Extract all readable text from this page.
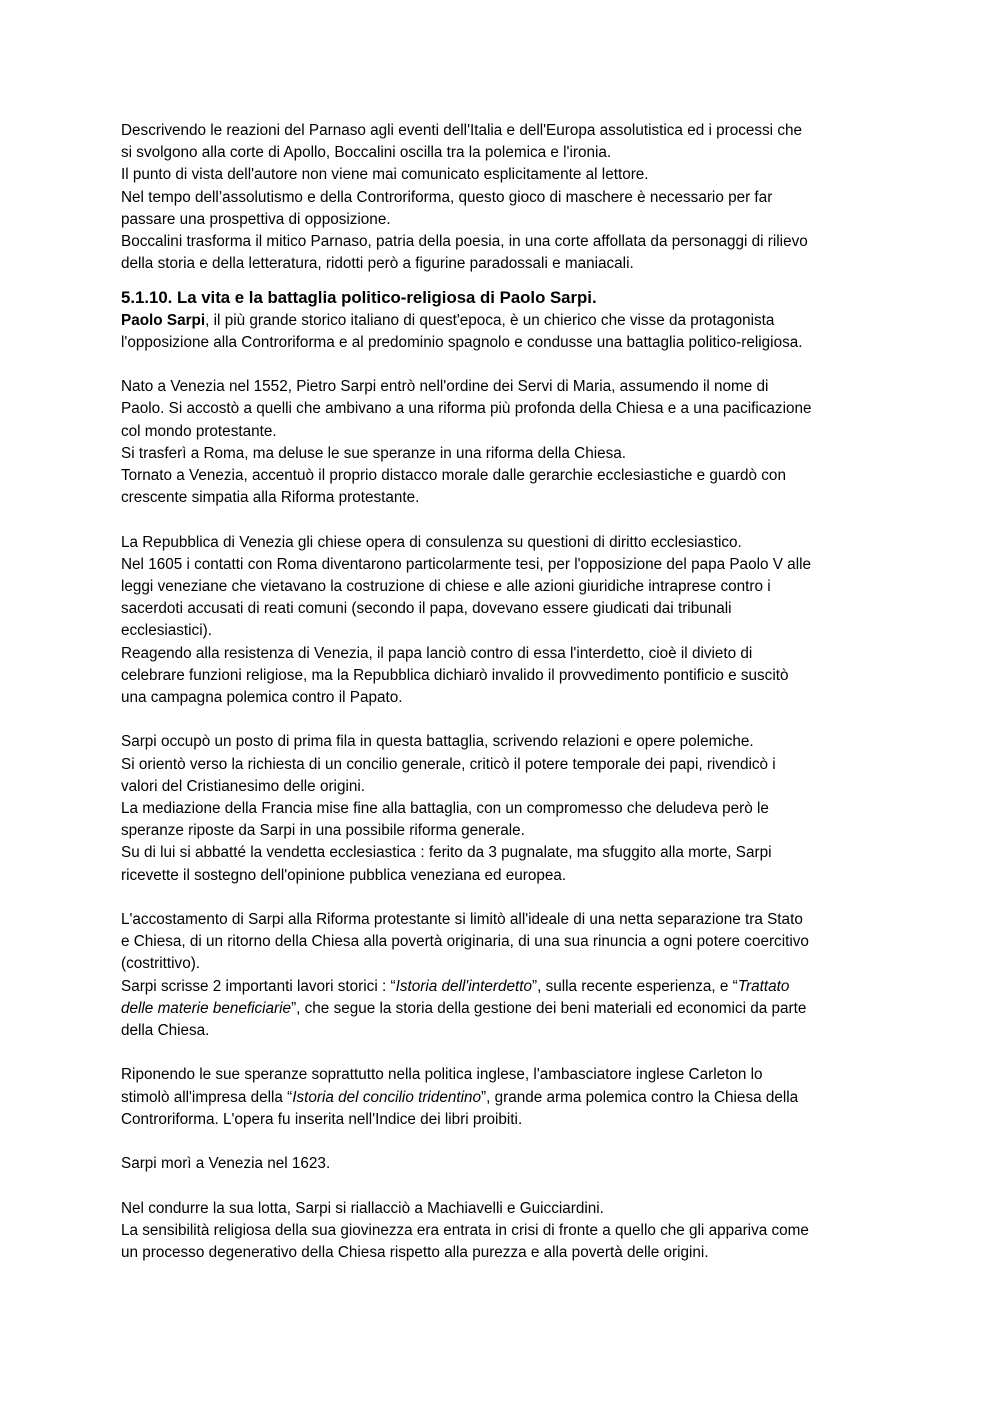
Descrivendo le reazioni del Parnaso agli eventi dell'Italia e dell'Europa assolutistica ed i processi che
si svolgono alla corte di Apollo, Boccalini oscilla tra la polemica e l'ironia.
Il punto di vista dell'autore non viene mai comunicato esplicitamente al lettore.
Nel tempo dell’assolutismo e della Controriforma, questo gioco di maschere è necessario per far
passare una prospettiva di opposizione.
Boccalini trasforma il mitico Parnaso, patria della poesia, in una corte affollata da personaggi di rilievo
della storia e della letteratura, ridotti però a figurine paradossali e maniacali.
5.1.10. La vita e la battaglia politico-religiosa di Paolo Sarpi.
Paolo Sarpi, il più grande storico italiano di quest'epoca, è un chierico che visse da protagonista
l'opposizione alla Controriforma e al predominio spagnolo e condusse una battaglia politico-religiosa.
Nato a Venezia nel 1552, Pietro Sarpi entrò nell'ordine dei Servi di Maria, assumendo il nome di
Paolo. Si accostò a quelli che ambivano a una riforma più profonda della Chiesa e a una pacificazione
col mondo protestante.
Si trasferì a Roma, ma deluse le sue speranze in una riforma della Chiesa.
Tornato a Venezia, accentuò il proprio distacco morale dalle gerarchie ecclesiastiche e guardò con
crescente simpatia alla Riforma protestante.
La Repubblica di Venezia gli chiese opera di consulenza su questioni di diritto ecclesiastico.
Nel 1605 i contatti con Roma diventarono particolarmente tesi, per l'opposizione del papa Paolo V alle
leggi veneziane che vietavano la costruzione di chiese e alle azioni giuridiche intraprese contro i
sacerdoti accusati di reati comuni (secondo il papa, dovevano essere giudicati dai tribunali
ecclesiastici).
Reagendo alla resistenza di Venezia, il papa lanciò contro di essa l'interdetto, cioè il divieto di
celebrare funzioni religiose, ma la Repubblica dichiarò invalido il provvedimento pontificio e suscitò
una campagna polemica contro il Papato.
Sarpi occupò un posto di prima fila in questa battaglia, scrivendo relazioni e opere polemiche.
Si orientò verso la richiesta di un concilio generale, criticò il potere temporale dei papi, rivendicò i
valori del Cristianesimo delle origini.
La mediazione della Francia mise fine alla battaglia, con un compromesso che deludeva però le
speranze riposte da Sarpi in una possibile riforma generale.
Su di lui si abbatté la vendetta ecclesiastica : ferito da 3 pugnalate, ma sfuggito alla morte, Sarpi
ricevette il sostegno dell'opinione pubblica veneziana ed europea.
L'accostamento di Sarpi alla Riforma protestante si limitò all'ideale di una netta separazione tra Stato
e Chiesa, di un ritorno della Chiesa alla povertà originaria, di una sua rinuncia a ogni potere coercitivo
(costrittivo).
Sarpi scrisse 2 importanti lavori storici : “Istoria dell'interdetto”, sulla recente esperienza, e “Trattato
delle materie beneficiarie”, che segue la storia della gestione dei beni materiali ed economici da parte
della Chiesa.
Riponendo le sue speranze soprattutto nella politica inglese, l'ambasciatore inglese Carleton lo
stimolò all'impresa della “Istoria del concilio tridentino”, grande arma polemica contro la Chiesa della
Controriforma. L'opera fu inserita nell'Indice dei libri proibiti.
Sarpi morì a Venezia nel 1623.
Nel condurre la sua lotta, Sarpi si riallacciò a Machiavelli e Guicciardini.
La sensibilità religiosa della sua giovinezza era entrata in crisi di fronte a quello che gli appariva come
un processo degenerativo della Chiesa rispetto alla purezza e alla povertà delle origini.
